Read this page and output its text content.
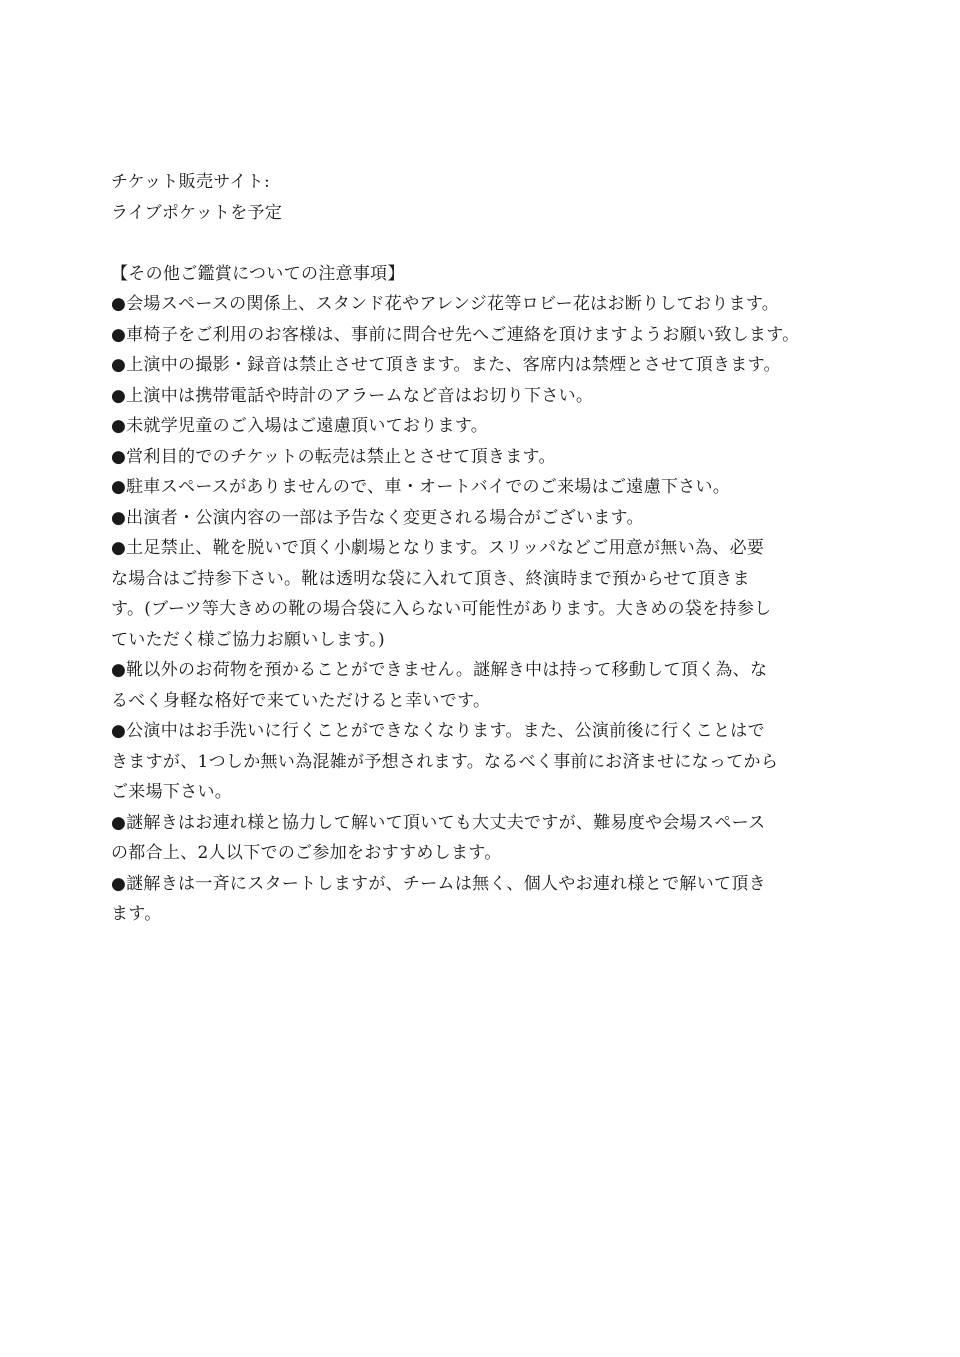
チケット販売サイト:
ライブポケットを予定
【その他ご鑑賞についての注意事項】
●会場スペースの関係上、スタンド花やアレンジ花等ロビー花はお断りしております。
●車椅子をご利用のお客様は、事前に問合せ先へご連絡を頂けますようお願い致します。
●上演中の撮影・録音は禁止させて頂きます。また、客席内は禁煙とさせて頂きます。
●上演中は携帯電話や時計のアラームなど音はお切り下さい。
●未就学児童のご入場はご遠慮頂いております。
●営利目的でのチケットの転売は禁止とさせて頂きます。
●駐車スペースがありませんので、車・オートバイでのご来場はご遠慮下さい。
●出演者・公演内容の一部は予告なく変更される場合がございます。
●土足禁止、靴を脱いで頂く小劇場となります。スリッパなどご用意が無い為、必要
な場合はご持参下さい。靴は透明な袋に入れて頂き、終演時まで預からせて頂きま
す。(ブーツ等大きめの靴の場合袋に入らない可能性があります。大きめの袋を持参し
ていただく様ご協力お願いします。)
●靴以外のお荷物を預かることができません。謎解き中は持って移動して頂く為、な
るべく身軽な格好で来ていただけると幸いです。
●公演中はお手洗いに行くことができなくなります。また、公演前後に行くことはで
きますが、1つしか無い為混雑が予想されます。なるべく事前にお済ませになってから
ご来場下さい。
●謎解きはお連れ様と協力して解いて頂いても大丈夫ですが、難易度や会場スペース
の都合上、2人以下でのご参加をおすすめします。
●謎解きは一斉にスタートしますが、チームは無く、個人やお連れ様とで解いて頂き
ます。
